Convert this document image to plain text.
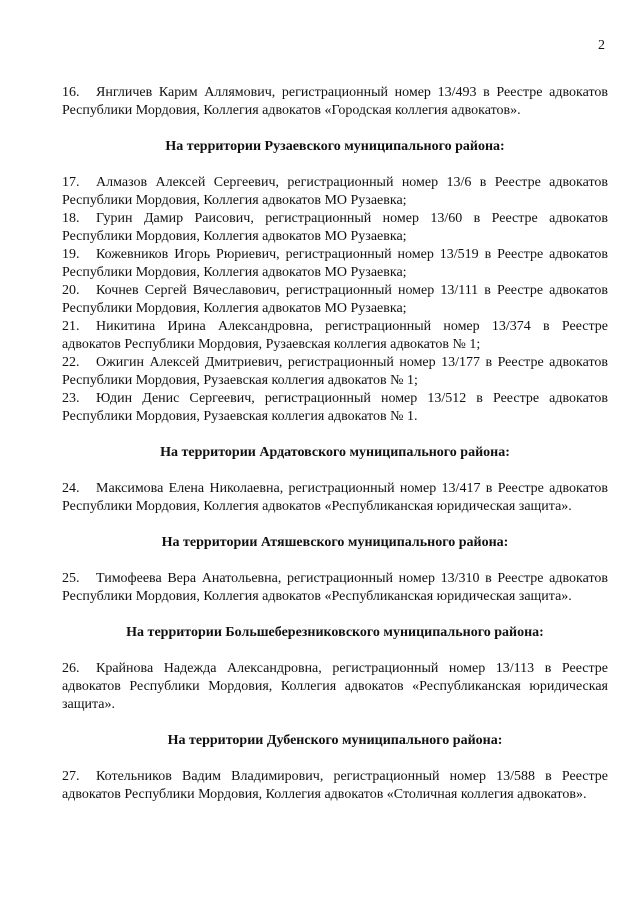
2

16. Янгличев Карим Аллямович, регистрационный номер 13/493 в Реестре адвокатов Республики Мордовия, Коллегия адвокатов «Городская коллегия адвокатов».

На территории Рузаевского муниципального района:

17. Алмазов Алексей Сергеевич, регистрационный номер 13/6 в Реестре адвокатов Республики Мордовия, Коллегия адвокатов МО Рузаевка;

18. Гурин Дамир Раисович, регистрационный номер 13/60 в Реестре адвокатов Республики Мордовия, Коллегия адвокатов МО Рузаевка;

19. Кожевников Игорь Рюриевич, регистрационный номер 13/519 в Реестре адвокатов Республики Мордовия, Коллегия адвокатов МО Рузаевка;

20. Кочнев Сергей Вячеславович, регистрационный номер 13/111 в Реестре адвокатов Республики Мордовия, Коллегия адвокатов МО Рузаевка;

21. Никитина Ирина Александровна, регистрационный номер 13/374 в Реестре адвокатов Республики Мордовия, Рузаевская коллегия адвокатов № 1;

22. Ожигин Алексей Дмитриевич, регистрационный номер 13/177 в Реестре адвокатов Республики Мордовия, Рузаевская коллегия адвокатов № 1;

23. Юдин Денис Сергеевич, регистрационный номер 13/512 в Реестре адвокатов Республики Мордовия, Рузаевская коллегия адвокатов № 1.

На территории Ардатовского муниципального района:

24. Максимова Елена Николаевна, регистрационный номер 13/417 в Реестре адвокатов Республики Мордовия, Коллегия адвокатов «Республиканская юридическая защита».

На территории Атяшевского муниципального района:

25. Тимофеева Вера Анатольевна, регистрационный номер 13/310 в Реестре адвокатов Республики Мордовия, Коллегия адвокатов «Республиканская юридическая защита».

На территории Большеберезниковского муниципального района:

26. Крайнова Надежда Александровна, регистрационный номер 13/113 в Реестре адвокатов Республики Мордовия, Коллегия адвокатов «Республиканская юридическая защита».

На территории Дубенского муниципального района:

27. Котельников Вадим Владимирович, регистрационный номер 13/588 в Реестре адвокатов Республики Мордовия, Коллегия адвокатов «Столичная коллегия адвокатов».
